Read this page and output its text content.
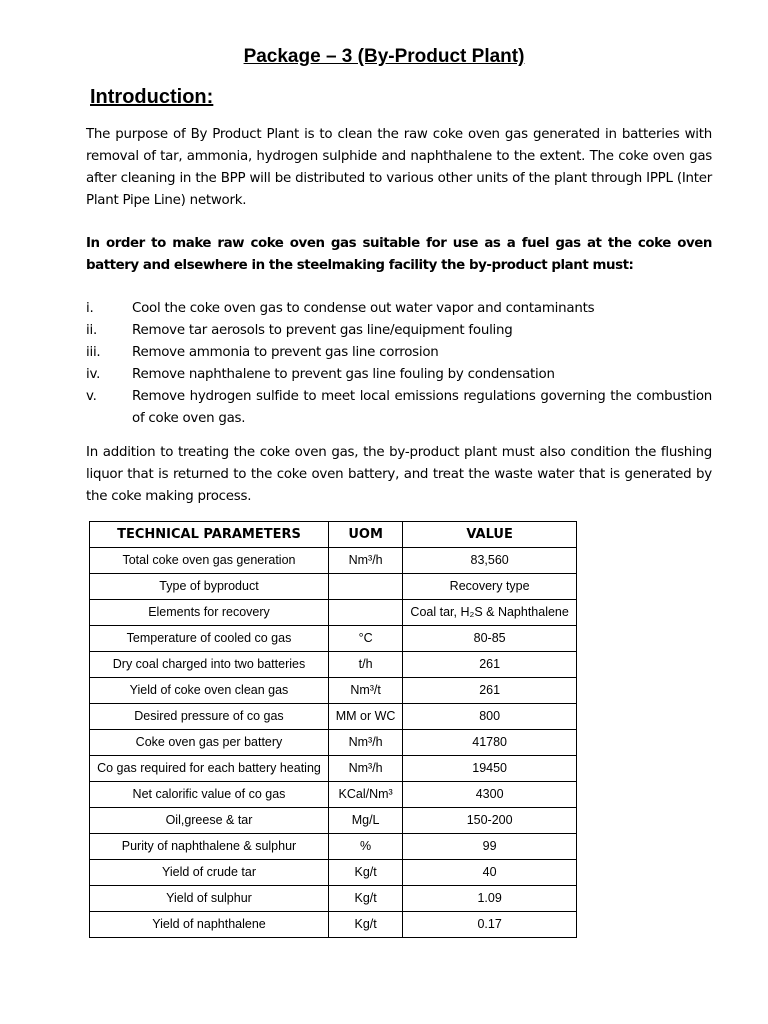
Package – 3 (By-Product Plant)
Introduction:

The purpose of By Product Plant is to clean the raw coke oven gas generated in batteries with removal of tar, ammonia, hydrogen sulphide and naphthalene to the extent. The coke oven gas after cleaning in the BPP will be distributed to various other units of the plant through IPPL (Inter Plant Pipe Line) network.

In order to make raw coke oven gas suitable for use as a fuel gas at the coke oven battery and elsewhere in the steelmaking facility the by-product plant must:

i.	Cool the coke oven gas to condense out water vapor and contaminants
ii.	Remove tar aerosols to prevent gas line/equipment fouling
iii.	Remove ammonia to prevent gas line corrosion
iv.	Remove naphthalene to prevent gas line fouling by condensation
v.	Remove hydrogen sulfide to meet local emissions regulations governing the combustion of coke oven gas.

In addition to treating the coke oven gas, the by-product plant must also condition the flushing liquor that is returned to the coke oven battery, and treat the waste water that is generated by the coke making process.

TECHNICAL PARAMETERS	UOM	VALUE
Total coke oven gas generation	Nm³/h	83,560
Type of byproduct		Recovery type
Elements for recovery		Coal tar, H₂S & Naphthalene
Temperature of cooled co gas	°C	80-85
Dry coal charged into two batteries	t/h	261
Yield of coke oven clean gas	Nm³/t	261
Desired pressure of co gas	MM or WC	800
Coke oven gas per battery	Nm³/h	41780
Co gas required for each battery heating	Nm³/h	19450
Net calorific value of co gas	KCal/Nm³	4300
Oil,greese & tar	Mg/L	150-200
Purity of naphthalene & sulphur	%	99
Yield of crude tar	Kg/t	40
Yield of sulphur	Kg/t	1.09
Yield of naphthalene	Kg/t	0.17
